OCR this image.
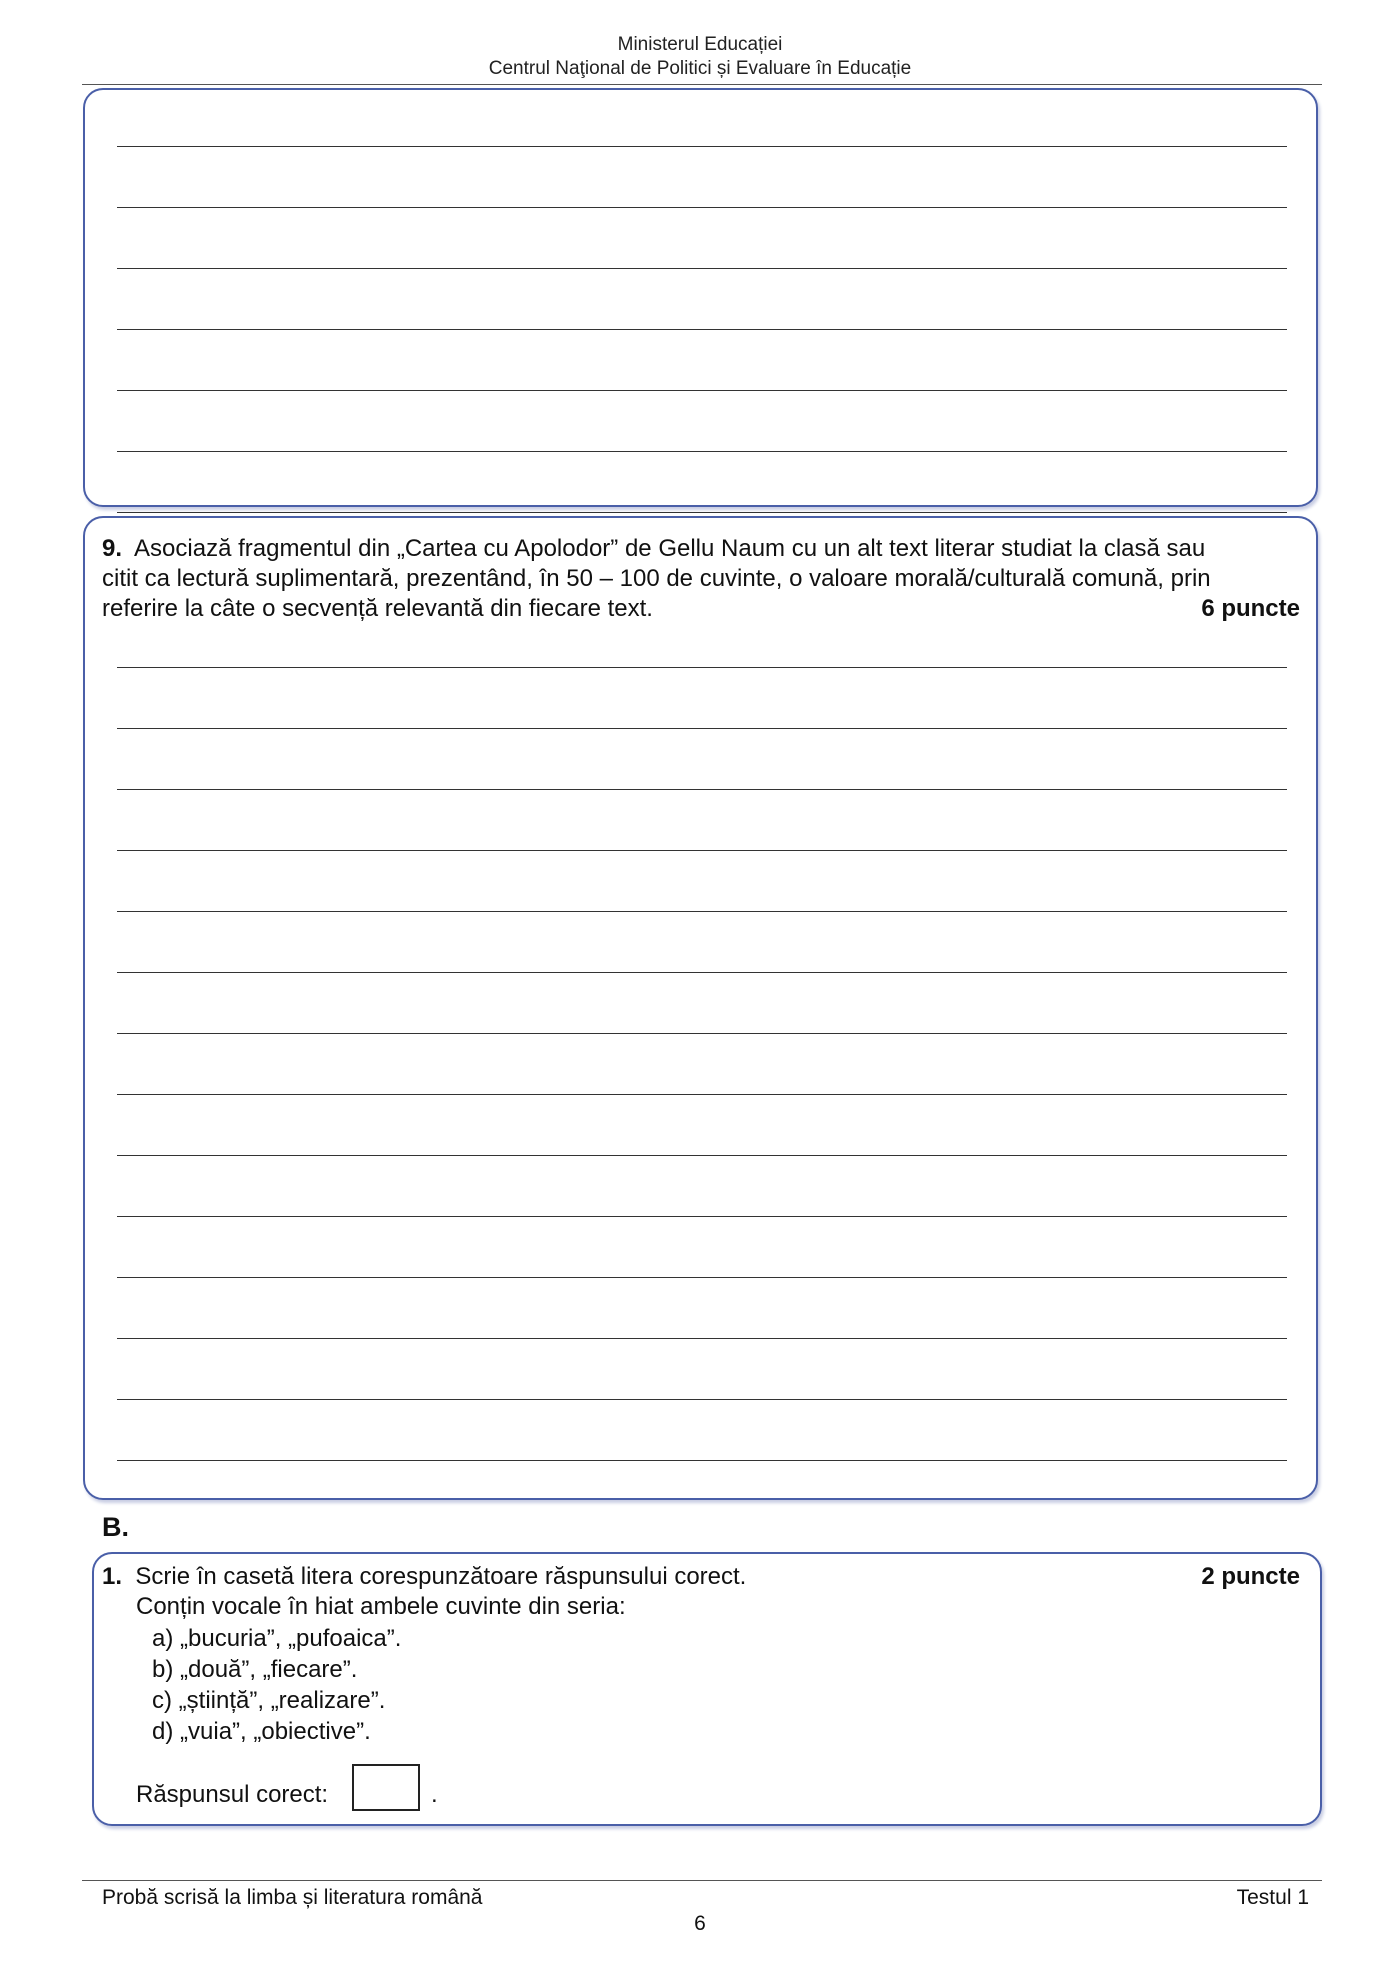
Ministerul Educației
Centrul Naţional de Politici și Evaluare în Educație
9. Asociază fragmentul din „Cartea cu Apolodor” de Gellu Naum cu un alt text literar studiat la clasă sau
citit ca lectură suplimentară, prezentând, în 50 – 100 de cuvinte, o valoare morală/culturală comună, prin
referire la câte o secvență relevantă din fiecare text.	6 puncte
B.
1. Scrie în casetă litera corespunzătoare răspunsului corect.	2 puncte
Conțin vocale în hiat ambele cuvinte din seria:
a) „bucuria”, „pufoaica”.
b) „două”, „fiecare”.
c) „știință”, „realizare”.
d) „vuia”, „obiective”.
Răspunsul corect:	.
Probă scrisă la limba și literatura română	Testul 1
6
